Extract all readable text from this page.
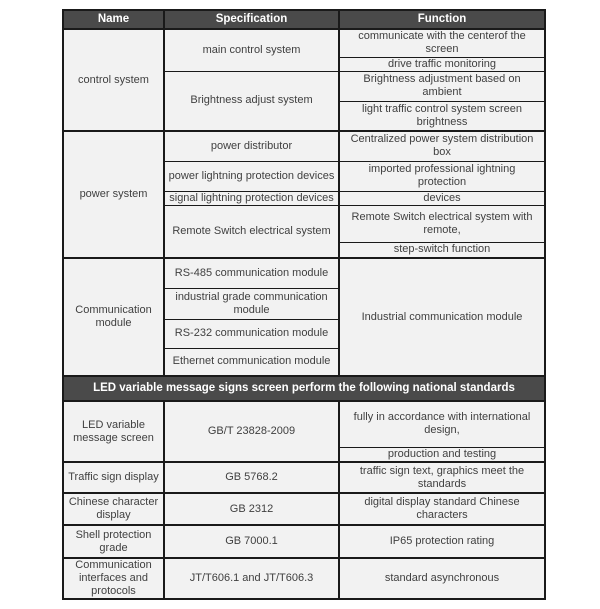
Name	Specification	Function
control system	main control system	communicate with the centerof the screen
		drive traffic monitoring
	Brightness adjust system	Brightness adjustment based on ambient
		light traffic control system screen brightness
power system	power distributor	Centralized power system distribution box
	power lightning protection devices	imported professional ightning protection
	signal lightning protection devices	devices
	Remote Switch electrical system	Remote Switch electrical system with remote,
		step-switch function
Communication module	RS-485 communication module	Industrial communication module
	industrial grade communication module	
	RS-232 communication module	
	Ethernet communication module	
LED variable message signs screen perform the following national standards		
LED variable message screen	GB/T 23828-2009	fully in accordance with international design,
		production and testing
Traffic sign display	GB 5768.2	traffic sign text, graphics meet the standards
Chinese character display	GB 2312	digital display standard Chinese characters
Shell protection grade	GB 7000.1	IP65 protection rating
Communication interfaces and protocols	JT/T606.1 and JT/T606.3	standard asynchronous
